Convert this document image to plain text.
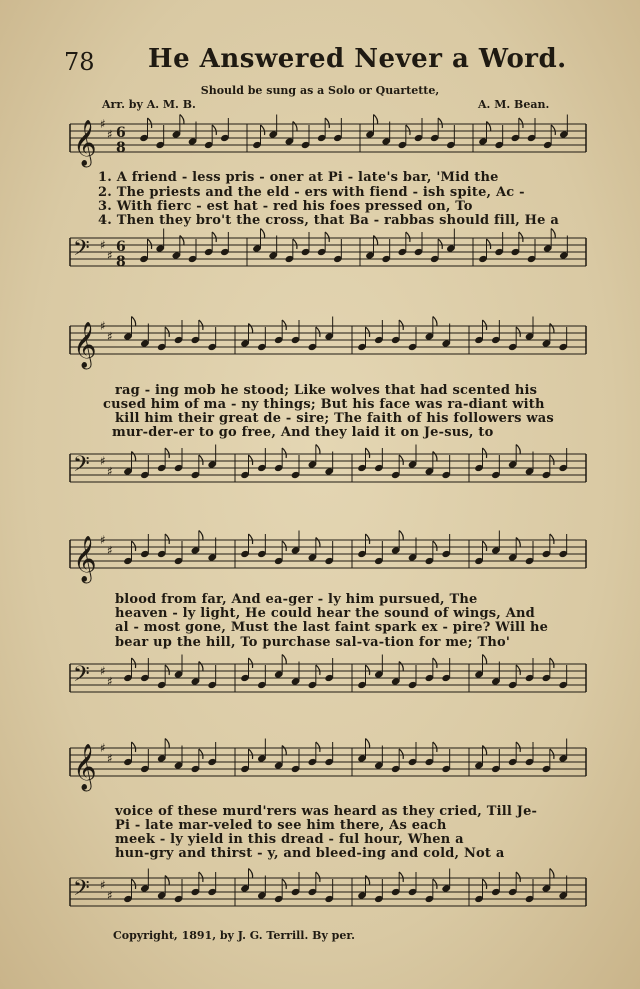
78 He Answered Never a Word.
Should be sung as a Solo or Quartette,
Arr. by A. M. B.	A. M. Bean.
𝄞 ♯
♯ 6
8
1. A friend - less pris - oner at Pi - late's bar, 'Mid the
2. The priests and the eld - ers with fiend - ish spite, Ac -
3. With fierc - est hat - red his foes pressed on, To
4. Then they bro't the cross, that Ba - rabbas should fill, He a
𝄢 ♯
♯
6
8
𝄞 ♯
♯
rag - ing mob he stood; Like wolves that had scented his
cused him of ma - ny things; But his face was ra-diant with
kill him their great de - sire; The faith of his followers was
mur-der-er to go free, And they laid it on Je-sus, to
𝄢 ♯
♯
𝄞 ♯
♯
blood from far, And ea-ger - ly him pursued, The
heaven - ly light, He could hear the sound of wings, And
al - most gone, Must the last faint spark ex - pire? Will he
bear up the hill, To purchase sal-va-tion for me; Tho'
𝄢 ♯
♯
𝄞 ♯
♯
voice of these murd'rers was heard as they cried, Till Je-
Pi - late mar-veled to see him there, As each
meek - ly yield in this dread - ful hour, When a
hun-gry and thirst - y, and bleed-ing and cold, Not a
𝄢 ♯
♯
Copyright, 1891, by J. G. Terrill. By per.
